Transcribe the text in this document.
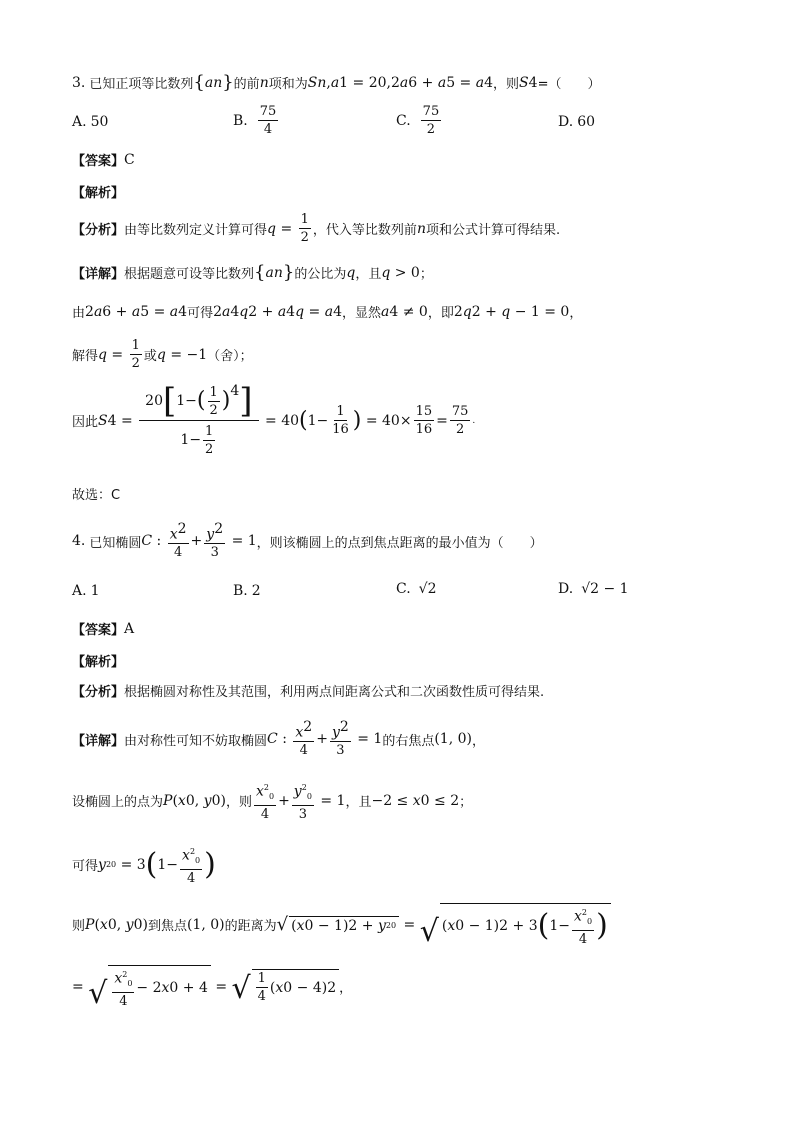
3. 已知正项等比数列 { a n } 的前 n 项和为 S n , a 1 = 20,2 a 6 + a 5 = a 4 ，则 S 4 =（　　）
A. 50	B. $\frac{75}{4}$	C. $\frac{75}{2}$	D. 60
【答案】 C
【解析】
【分析】 由等比数列定义计算可得 $q = \frac{1}{2}$ ，代入等比数列前 n 项和公式计算可得结果.
【详解】 根据题意可设等比数列 { a n } 的公比为 q ，且 q > 0 ；
由 2 a 6 + a 5 = a 4 可得 2 a 4 q 2 + a 4 q = a 4 ，显然 a 4 ≠ 0 ，即 2 q 2 + q − 1 = 0 ，
解得 $q = \frac{1}{2}$ 或 q = −1 （舍）；
因此 S $4 = \frac{20 [ 1- ( \frac{1}{2} ) 4 ]}{1- \frac{1}{2}} = 40$ ( $1- \frac{1}{16}$ ) = $40\times \frac{15}{16} = \frac{75}{2}$ .
故选：C
4. 已知椭圆 C : $\frac{x^2}{4} + \frac{y^2}{3} = 1$ ，则该椭圆上的点到焦点距离的最小值为（　　）
A. 1	B. 2	C. √2	D. √2 − 1
【答案】 A
【解析】
【分析】 根据椭圆对称性及其范围，利用两点间距离公式和二次函数性质可得结果.
【详解】 由对称性可知不妨取椭圆 C : $\frac{x^2}{4} + \frac{y^2}{3} = 1$ 的右焦点 (1, 0) ，
设椭圆上的点为 P ( x 0 , y 0 ) ，则 $\frac{x^2_0}{4} + \frac{y^2_0}{3} = 1$ ，且 −2 ≤ x 0 ≤ 2 ；
可得 y 2 0 = 3 ( $1- \frac{x^2_0}{4}$ )
则 P ( x 0 , y 0 ) 到焦点 (1, 0) 的距离为 √ ( x 0 − 1) 2 + y 2 0 = √ ( x 0 − 1) 2 + 3 ( $1- \frac{x^2_0}{4}$ )
= √ $\frac{x^2_0}{4} - 2$ x 0 + 4 = √ $\frac{1}{4}$ ( x 0 − 4) 2 ，
